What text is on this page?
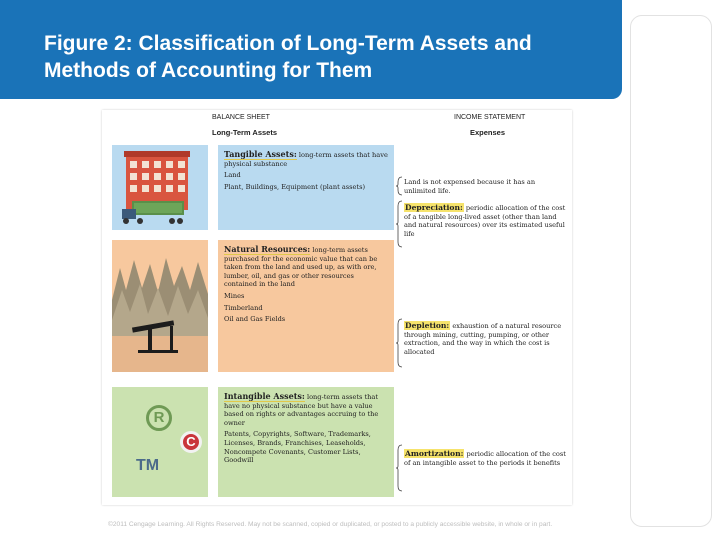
Figure 2: Classification of Long-Term Assets and
Methods of Accounting for Them
BALANCE SHEET
Long-Term Assets
INCOME STATEMENT
Expenses
Tangible Assets: long-term assets that have physical substance
Land
Plant, Buildings, Equipment (plant assets)
Natural Resources: long-term assets purchased for the economic value that can be taken from the land and used up, as with ore, lumber, oil, and gas or other resources contained in the land
Mines
Timberland
Oil and Gas Fields
R
C
TM
Intangible Assets: long-term assets that have no physical substance but have a value based on rights or advantages accruing to the owner
Patents, Copyrights, Software, Trademarks, Licenses, Brands, Franchises, Leaseholds, Noncompete Covenants, Customer Lists, Goodwill
Land is not expensed because it has an unlimited life.
Depreciation: periodic allocation of the cost of a tangible long-lived asset (other than land and natural resources) over its estimated useful life
Depletion: exhaustion of a natural resource through mining, cutting, pumping, or other extraction, and the way in which the cost is allocated
Amortization: periodic allocation of the cost of an intangible asset to the periods it benefits
©2011 Cengage Learning. All Rights Reserved. May not be scanned, copied or duplicated, or posted to a publicly accessible website, in whole or in part.
